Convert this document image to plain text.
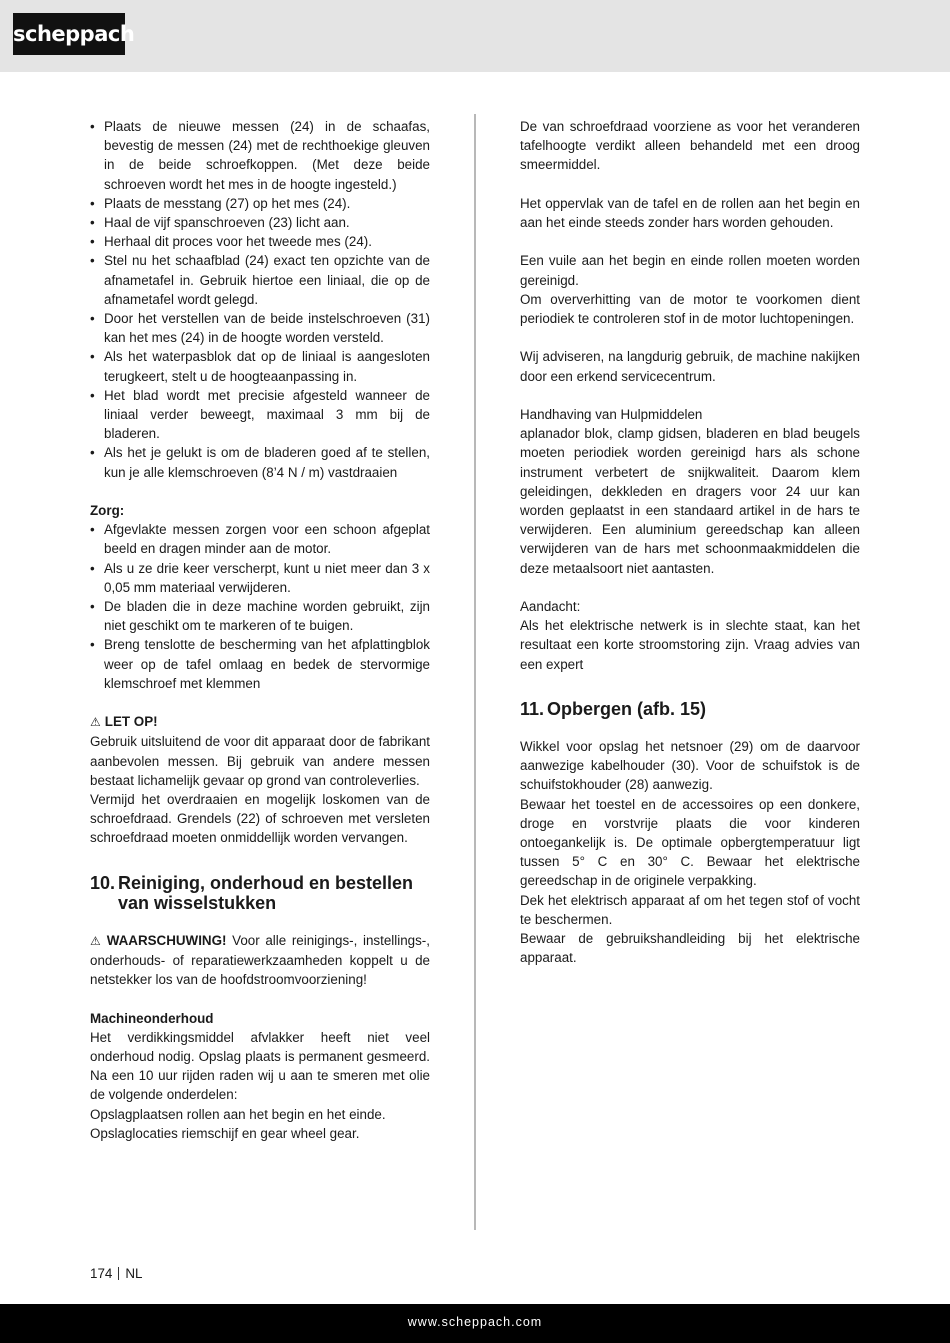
scheppach
• Plaats de nieuwe messen (24) in de schaafas, bevestig de messen (24) met de rechthoekige gleuven in de beide schroefkoppen. (Met deze beide schroeven wordt het mes in de hoogte ingesteld.)
• Plaats de messtang (27) op het mes (24).
• Haal de vijf spanschroeven (23) licht aan.
• Herhaal dit proces voor het tweede mes (24).
• Stel nu het schaafblad (24) exact ten opzichte van de afnametafel in. Gebruik hiertoe een liniaal, die op de afnametafel wordt gelegd.
• Door het verstellen van de beide instelschroeven (31) kan het mes (24) in de hoogte worden versteld.
• Als het waterpasblok dat op de liniaal is aangesloten terugkeert, stelt u de hoogteaanpassing in.
• Het blad wordt met precisie afgesteld wanneer de liniaal verder beweegt, maximaal 3 mm bij de bladeren.
• Als het je gelukt is om de bladeren goed af te stellen, kun je alle klemschroeven (8’4 N / m) vastdraaien

Zorg:

• Afgevlakte messen zorgen voor een schoon afgeplat beeld en dragen minder aan de motor.
• Als u ze drie keer verscherpt, kunt u niet meer dan 3 x 0,05 mm materiaal verwijderen.
• De bladen die in deze machine worden gebruikt, zijn niet geschikt om te markeren of te buigen.
• Breng tenslotte de bescherming van het afplattingblok weer op de tafel omlaag en bedek de stervormige klemschroef met klemmen

⚠ LET OP!

Gebruik uitsluitend de voor dit apparaat door de fabrikant aanbevolen messen. Bij gebruik van andere messen bestaat lichamelijk gevaar op grond van controleverlies.

Vermijd het overdraaien en mogelijk loskomen van de schroefdraad. Grendels (22) of schroeven met versleten schroefdraad moeten onmiddellijk worden vervangen.

10. Reiniging, onderhoud en bestellen van wisselstukken

⚠ WAARSCHUWING! Voor alle reinigings-, instellings-, onderhouds- of reparatiewerkzaamheden koppelt u de netstekker los van de hoofdstroomvoorziening!

Machineonderhoud

Het verdikkingsmiddel afvlakker heeft niet veel onderhoud nodig. Opslag plaats is permanent gesmeerd. Na een 10 uur rijden raden wij u aan te smeren met olie de volgende onderdelen:

Opslagplaatsen rollen aan het begin en het einde.

Opslaglocaties riemschijf en gear wheel gear.

De van schroefdraad voorziene as voor het veranderen tafelhoogte verdikt alleen behandeld met een droog smeermiddel.

Het oppervlak van de tafel en de rollen aan het begin en aan het einde steeds zonder hars worden gehouden.

Een vuile aan het begin en einde rollen moeten worden gereinigd.

Om oververhitting van de motor te voorkomen dient periodiek te controleren stof in de motor luchtopeningen.

Wij adviseren, na langdurig gebruik, de machine nakijken door een erkend servicecentrum.

Handhaving van Hulpmiddelen

aplanador blok, clamp gidsen, bladeren en blad beugels moeten periodiek worden gereinigd hars als schone instrument verbetert de snijkwaliteit. Daarom klem geleidingen, dekkleden en dragers voor 24 uur kan worden geplaatst in een standaard artikel in de hars te verwijderen. Een aluminium gereedschap kan alleen verwijderen van de hars met schoonmaakmiddelen die deze metaalsoort niet aantasten.

Aandacht:

Als het elektrische netwerk is in slechte staat, kan het resultaat een korte stroomstoring zijn. Vraag advies van een expert

11. Opbergen (afb. 15)

Wikkel voor opslag het netsnoer (29) om de daarvoor aanwezige kabelhouder (30). Voor de schuifstok is de schuifstokhouder (28) aanwezig.

Bewaar het toestel en de accessoires op een donkere, droge en vorstvrije plaats die voor kinderen ontoegankelijk is. De optimale opbergtemperatuur ligt tussen 5° C en 30° C. Bewaar het elektrische gereedschap in de originele verpakking.

Dek het elektrisch apparaat af om het tegen stof of vocht te beschermen.

Bewaar de gebruikshandleiding bij het elektrische apparaat.

174 NL
www.scheppach.com
